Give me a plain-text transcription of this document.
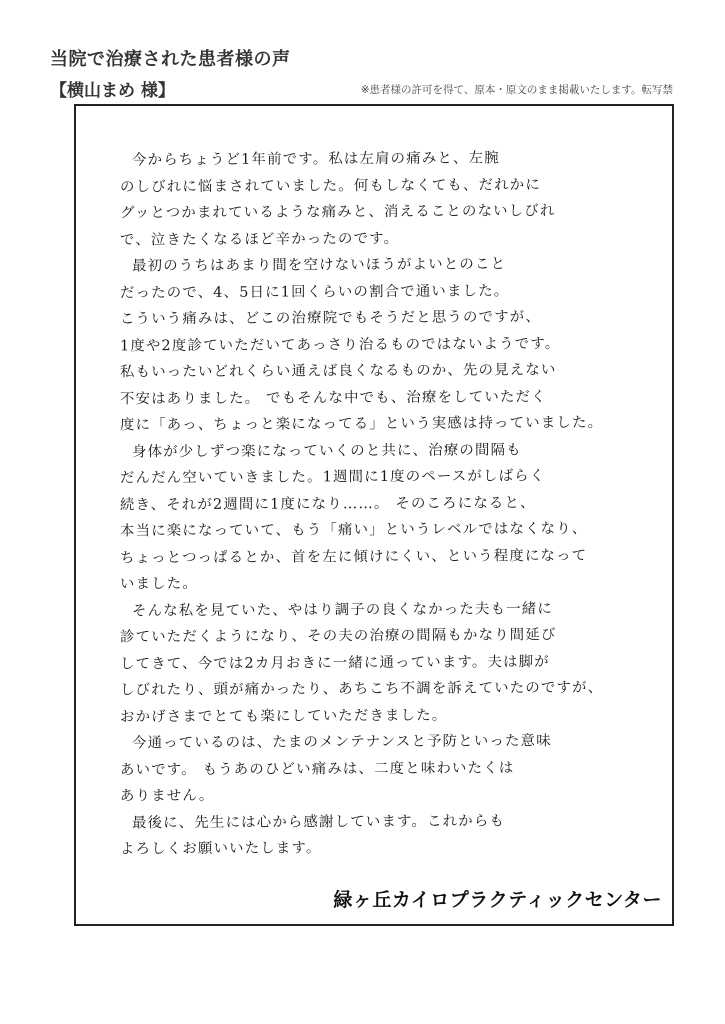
当院で治療された患者様の声
【横山まめ 様】	※患者様の許可を得て、原本・原文のまま掲載いたします。転写禁
今からちょうど1年前です。私は左肩の痛みと、左腕
のしびれに悩まされていました。何もしなくても、だれかに
グッとつかまれているような痛みと、消えることのないしびれ
で、泣きたくなるほど辛かったのです。
最初のうちはあまり間を空けないほうがよいとのこと
だったので、4、5日に1回くらいの割合で通いました。
こういう痛みは、どこの治療院でもそうだと思うのですが、
1度や2度診ていただいてあっさり治るものではないようです。
私もいったいどれくらい通えば良くなるものか、先の見えない
不安はありました。 でもそんな中でも、治療をしていただく
度に「あっ、ちょっと楽になってる」という実感は持っていました。
身体が少しずつ楽になっていくのと共に、治療の間隔も
だんだん空いていきました。1週間に1度のペースがしばらく
続き、それが2週間に1度になり……。 そのころになると、
本当に楽になっていて、もう「痛い」というレベルではなくなり、
ちょっとつっぱるとか、首を左に傾けにくい、という程度になって
いました。
そんな私を見ていた、やはり調子の良くなかった夫も一緒に
診ていただくようになり、その夫の治療の間隔もかなり間延び
してきて、今では2カ月おきに一緒に通っています。夫は脚が
しびれたり、頭が痛かったり、あちこち不調を訴えていたのですが、
おかげさまでとても楽にしていただきました。
今通っているのは、たまのメンテナンスと予防といった意味
あいです。 もうあのひどい痛みは、二度と味わいたくは
ありません。
最後に、先生には心から感謝しています。これからも
よろしくお願いいたします。
緑ヶ丘カイロプラクティックセンター
